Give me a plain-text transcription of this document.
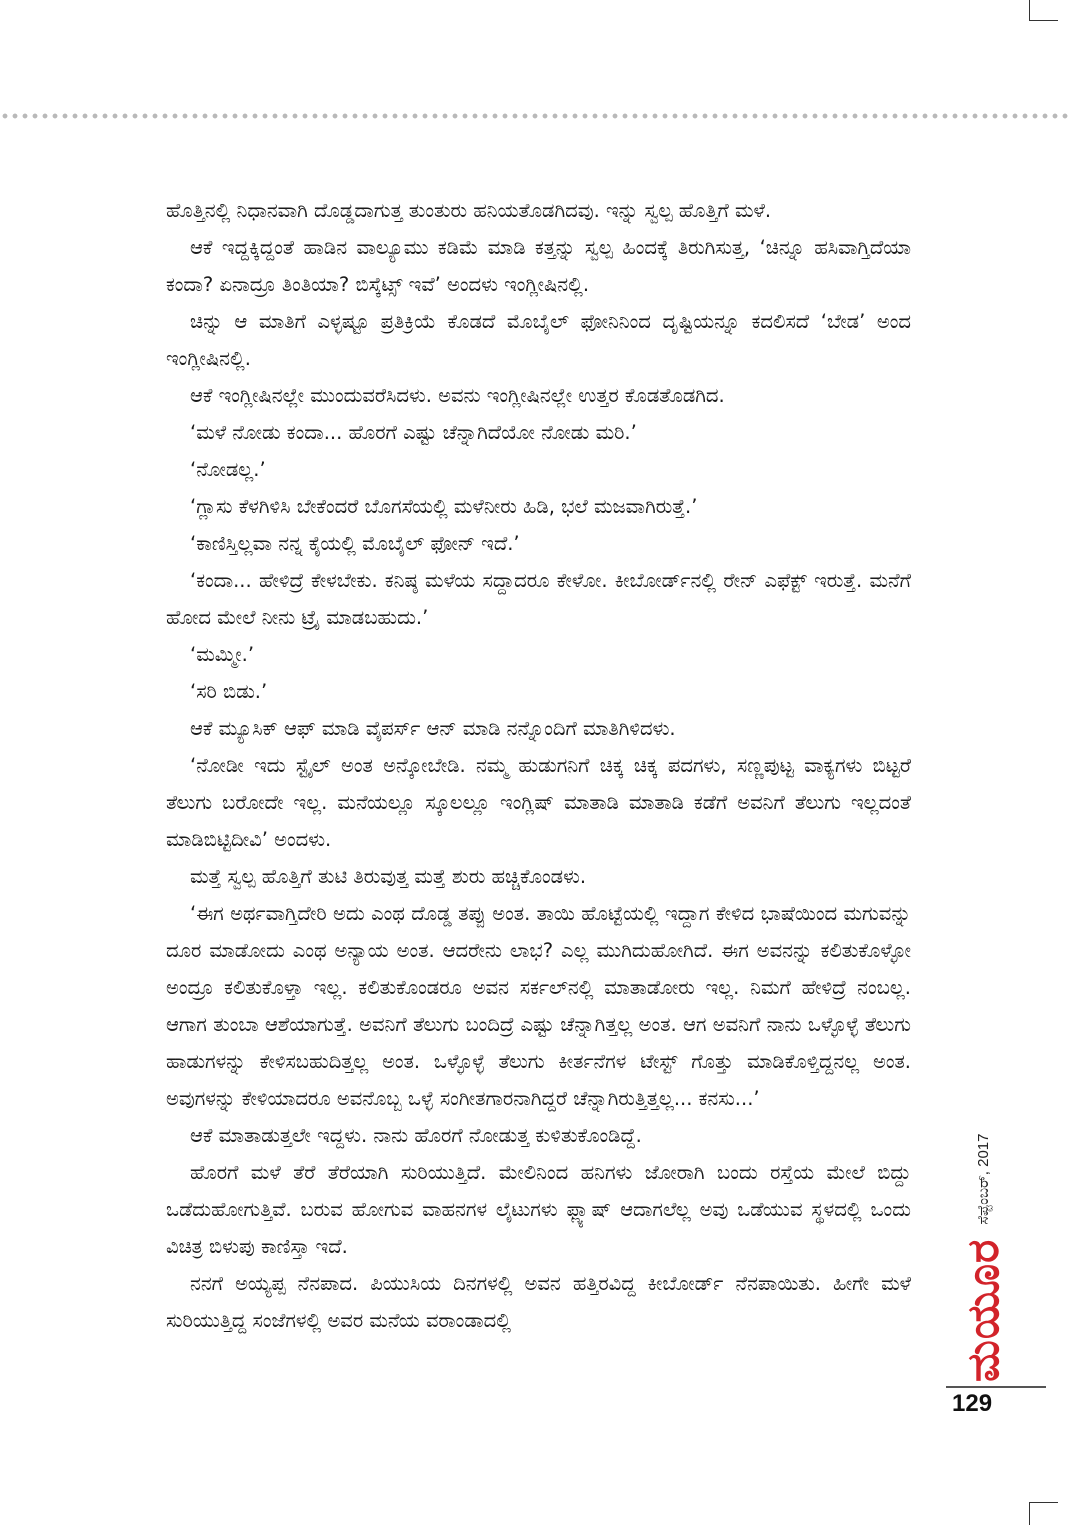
ಹೊತ್ತಿನಲ್ಲಿ ನಿಧಾನವಾಗಿ ದೊಡ್ಡದಾಗುತ್ತ ತುಂತುರು ಹನಿಯತೊಡಗಿದವು. ಇನ್ನು ಸ್ವಲ್ಪ ಹೊತ್ತಿಗೆ ಮಳೆ.

ಆಕೆ ಇದ್ದಕ್ಕಿದ್ದಂತೆ ಹಾಡಿನ ವಾಲ್ಯೂಮು ಕಡಿಮೆ ಮಾಡಿ ಕತ್ತನ್ನು ಸ್ವಲ್ಪ ಹಿಂದಕ್ಕೆ ತಿರುಗಿಸುತ್ತ, ‘ಚಿನ್ನೂ ಹಸಿವಾಗ್ತಿದೆಯಾ ಕಂದಾ? ಏನಾದ್ರೂ ತಿಂತಿಯಾ? ಬಿಸ್ಕೆಟ್ಸ್ ಇವೆ’ ಅಂದಳು ಇಂಗ್ಲೀಷಿನಲ್ಲಿ.

ಚಿನ್ನು ಆ ಮಾತಿಗೆ ಎಳ್ಳಷ್ಟೂ ಪ್ರತಿಕ್ರಿಯೆ ಕೊಡದೆ ಮೊಬೈಲ್ ಫೋನಿನಿಂದ ದೃಷ್ಟಿಯನ್ನೂ ಕದಲಿಸದೆ ‘ಬೇಡ’ ಅಂದ ಇಂಗ್ಲೀಷಿನಲ್ಲಿ.

ಆಕೆ ಇಂಗ್ಲೀಷಿನಲ್ಲೇ ಮುಂದುವರೆಸಿದಳು. ಅವನು ಇಂಗ್ಲೀಷಿನಲ್ಲೇ ಉತ್ತರ ಕೊಡತೊಡಗಿದ.

‘ಮಳೆ ನೋಡು ಕಂದಾ... ಹೊರಗೆ ಎಷ್ಟು ಚೆನ್ನಾಗಿದೆಯೋ ನೋಡು ಮರಿ.’

‘ನೋಡಲ್ಲ.’

‘ಗ್ಲಾಸು ಕೆಳಗಿಳಿಸಿ ಬೇಕೆಂದರೆ ಬೊಗಸೆಯಲ್ಲಿ ಮಳೆನೀರು ಹಿಡಿ, ಭಲೆ ಮಜವಾಗಿರುತ್ತೆ.’

‘ಕಾಣಿಸ್ತಿಲ್ಲವಾ ನನ್ನ ಕೈಯಲ್ಲಿ ಮೊಬೈಲ್ ಫೋನ್ ಇದೆ.’

‘ಕಂದಾ... ಹೇಳಿದ್ರೆ ಕೇಳಬೇಕು. ಕನಿಷ್ಠ ಮಳೆಯ ಸದ್ದಾದರೂ ಕೇಳೋ. ಕೀಬೋರ್ಡ್‌ನಲ್ಲಿ ರೇನ್ ಎಫೆಕ್ಟ್ ಇರುತ್ತೆ. ಮನೆಗೆ ಹೋದ ಮೇಲೆ ನೀನು ಟ್ರೈ ಮಾಡಬಹುದು.’

‘ಮಮ್ಮೀ.’

‘ಸರಿ ಬಿಡು.’

ಆಕೆ ಮ್ಯೂಸಿಕ್ ಆಫ್ ಮಾಡಿ ವೈಪರ್ಸ್ ಆನ್ ಮಾಡಿ ನನ್ನೊಂದಿಗೆ ಮಾತಿಗಿಳಿದಳು.

‘ನೋಡೀ ಇದು ಸ್ಟೈಲ್ ಅಂತ ಅನ್ಕೋಬೇಡಿ. ನಮ್ಮ ಹುಡುಗನಿಗೆ ಚಿಕ್ಕ ಚಿಕ್ಕ ಪದಗಳು, ಸಣ್ಣಪುಟ್ಟ ವಾಕ್ಯಗಳು ಬಿಟ್ಟರೆ ತೆಲುಗು ಬರೋದೇ ಇಲ್ಲ. ಮನೆಯಲ್ಲೂ ಸ್ಕೂಲಲ್ಲೂ ಇಂಗ್ಲಿಷ್ ಮಾತಾಡಿ ಮಾತಾಡಿ ಕಡೆಗೆ ಅವನಿಗೆ ತೆಲುಗು ಇಲ್ಲದಂತೆ ಮಾಡಿಬಿಟ್ಟಿದೀವಿ’ ಅಂದಳು.

ಮತ್ತೆ ಸ್ವಲ್ಪ ಹೊತ್ತಿಗೆ ತುಟಿ ತಿರುವುತ್ತ ಮತ್ತೆ ಶುರು ಹಚ್ಚಿಕೊಂಡಳು.

‘ಈಗ ಅರ್ಥವಾಗ್ತಿದೇರಿ ಅದು ಎಂಥ ದೊಡ್ಡ ತಪ್ಪು ಅಂತ. ತಾಯಿ ಹೊಟ್ಟೆಯಲ್ಲಿ ಇದ್ದಾಗ ಕೇಳಿದ ಭಾಷೆಯಿಂದ ಮಗುವನ್ನು ದೂರ ಮಾಡೋದು ಎಂಥ ಅನ್ಯಾಯ ಅಂತ. ಆದರೇನು ಲಾಭ? ಎಲ್ಲ ಮುಗಿದುಹೋಗಿದೆ. ಈಗ ಅವನನ್ನು ಕಲಿತುಕೊಳ್ಳೋ ಅಂದ್ರೂ ಕಲಿತುಕೊಳ್ತಾ ಇಲ್ಲ. ಕಲಿತುಕೊಂಡರೂ ಅವನ ಸರ್ಕಲ್‌ನಲ್ಲಿ ಮಾತಾಡೋರು ಇಲ್ಲ. ನಿಮಗೆ ಹೇಳಿದ್ರೆ ನಂಬಲ್ಲ. ಆಗಾಗ ತುಂಬಾ ಆಶೆಯಾಗುತ್ತೆ. ಅವನಿಗೆ ತೆಲುಗು ಬಂದಿದ್ರೆ ಎಷ್ಟು ಚೆನ್ನಾಗಿತ್ತಲ್ಲ ಅಂತ. ಆಗ ಅವನಿಗೆ ನಾನು ಒಳ್ಳೊಳ್ಳೆ ತೆಲುಗು ಹಾಡುಗಳನ್ನು ಕೇಳಿಸಬಹುದಿತ್ತಲ್ಲ ಅಂತ. ಒಳ್ಳೊಳ್ಳೆ ತೆಲುಗು ಕೀರ್ತನೆಗಳ ಟೇಸ್ಟ್ ಗೊತ್ತು ಮಾಡಿಕೊಳ್ತಿದ್ದನಲ್ಲ ಅಂತ. ಅವುಗಳನ್ನು ಕೇಳಿಯಾದರೂ ಅವನೊಬ್ಬ ಒಳ್ಳೆ ಸಂಗೀತಗಾರನಾಗಿದ್ದರೆ ಚೆನ್ನಾಗಿರುತ್ತಿತ್ತಲ್ಲ... ಕನಸು...’

ಆಕೆ ಮಾತಾಡುತ್ತಲೇ ಇದ್ದಳು. ನಾನು ಹೊರಗೆ ನೋಡುತ್ತ ಕುಳಿತುಕೊಂಡಿದ್ದೆ.

ಹೊರಗೆ ಮಳೆ ತೆರೆ ತೆರೆಯಾಗಿ ಸುರಿಯುತ್ತಿದೆ. ಮೇಲಿನಿಂದ ಹನಿಗಳು ಜೋರಾಗಿ ಬಂದು ರಸ್ತೆಯ ಮೇಲೆ ಬಿದ್ದು ಒಡೆದುಹೋಗುತ್ತಿವೆ. ಬರುವ ಹೋಗುವ ವಾಹನಗಳ ಲೈಟುಗಳು ಫ್ಲ್ಯಾಷ್ ಆದಾಗಲೆಲ್ಲ ಅವು ಒಡೆಯುವ ಸ್ಥಳದಲ್ಲಿ ಒಂದು ವಿಚಿತ್ರ ಬಿಳುಪು ಕಾಣಿಸ್ತಾ ಇದೆ.

ನನಗೆ ಅಯ್ಯಪ್ಪ ನೆನಪಾದ. ಪಿಯುಸಿಯ ದಿನಗಳಲ್ಲಿ ಅವನ ಹತ್ತಿರವಿದ್ದ ಕೀಬೋರ್ಡ್ ನೆನಪಾಯಿತು. ಹೀಗೇ ಮಳೆ ಸುರಿಯುತ್ತಿದ್ದ ಸಂಜೆಗಳಲ್ಲಿ ಅವರ ಮನೆಯ ವರಾಂಡಾದಲ್ಲಿ	ಮಯೂರ
ಸೆಪ್ಟೆಂಬರ್, 2017
129
